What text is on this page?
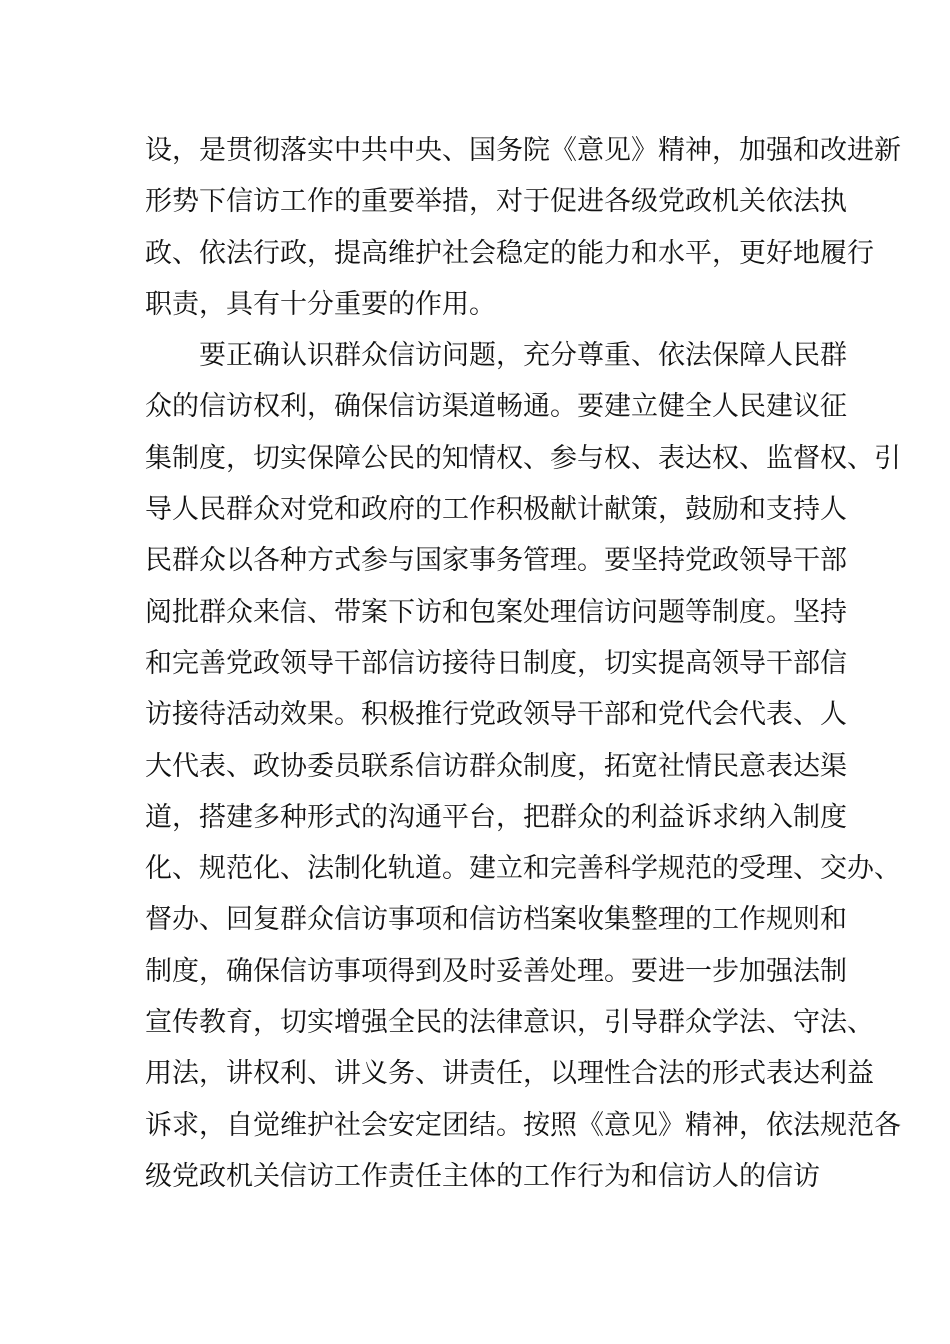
设，是贯彻落实中共中央、国务院《意见》精神，加强和改进新
形势下信访工作的重要举措，对于促进各级党政机关依法执
政、依法行政，提高维护社会稳定的能力和水平，更好地履行
职责，具有十分重要的作用。
要正确认识群众信访问题，充分尊重、依法保障人民群
众的信访权利，确保信访渠道畅通。要建立健全人民建议征
集制度，切实保障公民的知情权、参与权、表达权、监督权、引
导人民群众对党和政府的工作积极献计献策，鼓励和支持人
民群众以各种方式参与国家事务管理。要坚持党政领导干部
阅批群众来信、带案下访和包案处理信访问题等制度。坚持
和完善党政领导干部信访接待日制度，切实提高领导干部信
访接待活动效果。积极推行党政领导干部和党代会代表、人
大代表、政协委员联系信访群众制度，拓宽社情民意表达渠
道，搭建多种形式的沟通平台，把群众的利益诉求纳入制度
化、规范化、法制化轨道。建立和完善科学规范的受理、交办、
督办、回复群众信访事项和信访档案收集整理的工作规则和
制度，确保信访事项得到及时妥善处理。要进一步加强法制
宣传教育，切实增强全民的法律意识，引导群众学法、守法、
用法，讲权利、讲义务、讲责任，以理性合法的形式表达利益
诉求，自觉维护社会安定团结。按照《意见》精神，依法规范各
级党政机关信访工作责任主体的工作行为和信访人的信访
